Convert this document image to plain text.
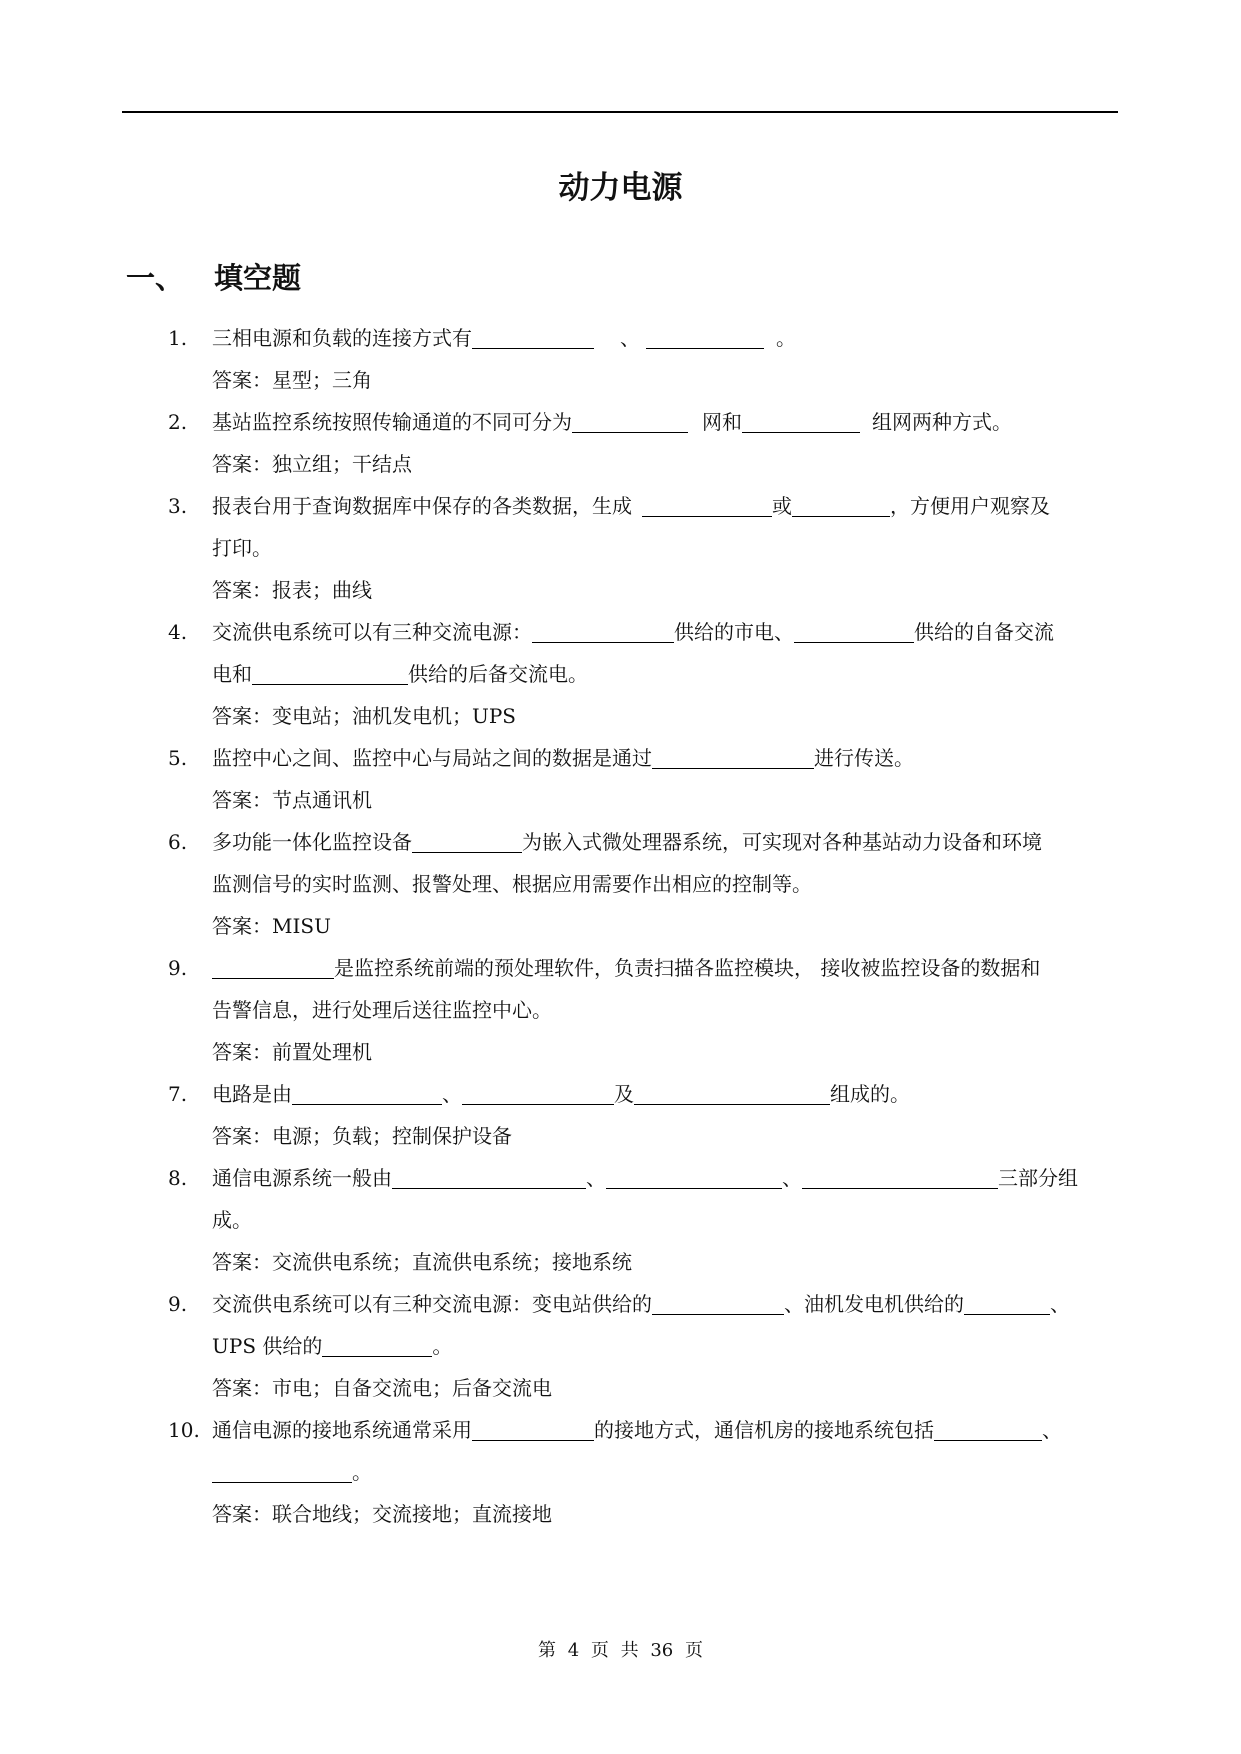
动力电源
一、 填空题
1. 三相电源和负载的连接方式有	、	。
答案：星型；三角
2. 基站监控系统按照传输通道的不同可分为	网和	组网两种方式。
答案：独立组；干结点
3. 报表台用于查询数据库中保存的各类数据，生成	或	，方便用户观察及
打印。
答案：报表；曲线
4. 交流供电系统可以有三种交流电源：	供给的市电、	供给的自备交流
电和	供给的后备交流电。
答案：变电站；油机发电机；UPS
5. 监控中心之间、监控中心与局站之间的数据是通过	进行传送。
答案：节点通讯机
6. 多功能一体化监控设备	为嵌入式微处理器系统，可实现对各种基站动力设备和环境
监测信号的实时监测、报警处理、根据应用需要作出相应的控制等。
答案：MISU
9.	是监控系统前端的预处理软件，负责扫描各监控模块， 接收被监控设备的数据和
告警信息，进行处理后送往监控中心。
答案：前置处理机
7. 电路是由	、	及	组成的。
答案：电源；负载；控制保护设备
8. 通信电源系统一般由	、	、	三部分组
成。
答案：交流供电系统；直流供电系统；接地系统
9. 交流供电系统可以有三种交流电源：变电站供给的	、油机发电机供给的	、
UPS 供给的	。
答案：市电；自备交流电；后备交流电
10. 通信电源的接地系统通常采用	的接地方式，通信机房的接地系统包括	、
。
答案：联合地线；交流接地；直流接地
第 4 页 共 36 页
